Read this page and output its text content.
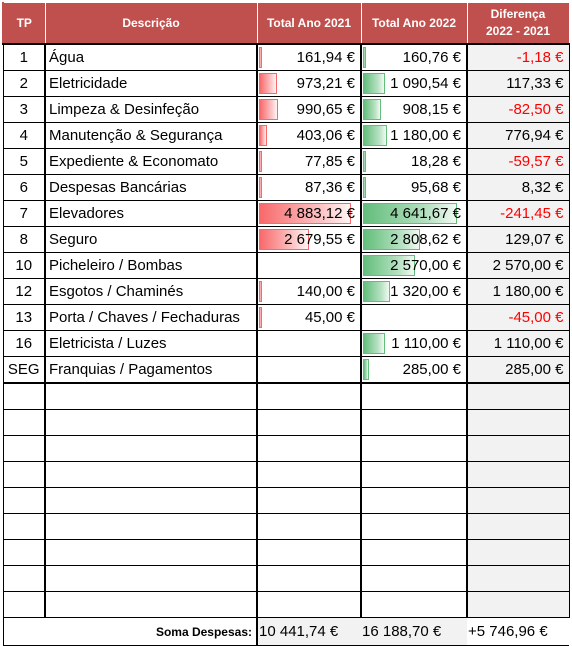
TP	Descrição	Total Ano 2021	Total Ano 2022	Diferença
2022 - 2021
1	Água	161,94 €	160,76 €	-1,18 €
2	Eletricidade	973,21 €	1 090,54 €	117,33 €
3	Limpeza & Desinfeção	990,65 €	908,15 €	-82,50 €
4	Manutenção & Segurança	403,06 €	1 180,00 €	776,94 €
5	Expediente & Economato	77,85 €	18,28 €	-59,57 €
6	Despesas Bancárias	87,36 €	95,68 €	8,32 €
7	Elevadores	4 883,12 €	4 641,67 €	-241,45 €
8	Seguro	2 679,55 €	2 808,62 €	129,07 €
10	Picheleiro / Bombas		2 570,00 €	2 570,00 €
12	Esgotos / Chaminés	140,00 €	1 320,00 €	1 180,00 €
13	Porta / Chaves / Fechaduras	45,00 €		-45,00 €
16	Eletricista / Luzes		1 110,00 €	1 110,00 €
SEG	Franquias / Pagamentos		285,00 €	285,00 €

Soma Despesas:		10 441,74 €	16 188,70 €	+5 746,96 €
